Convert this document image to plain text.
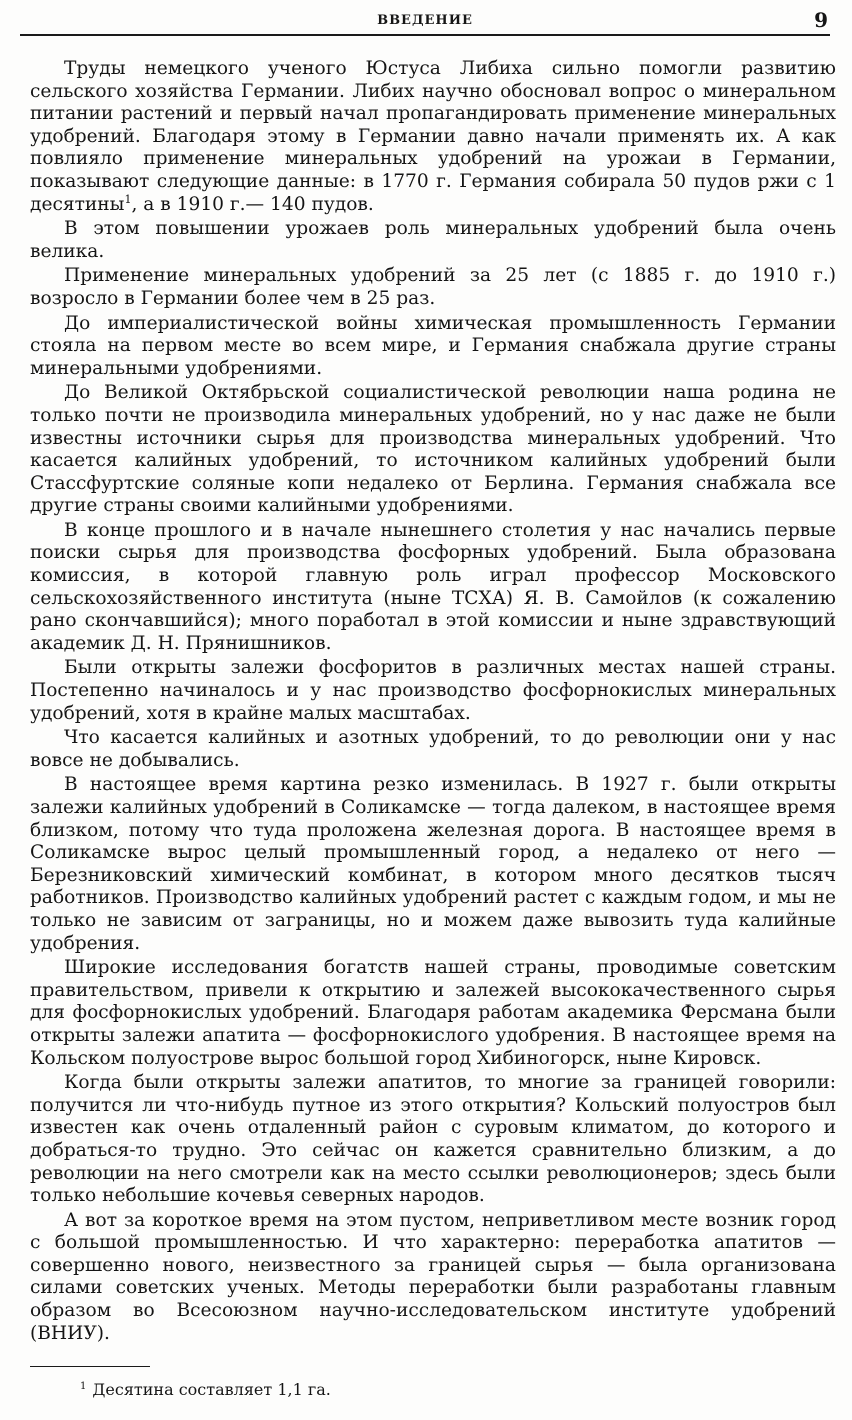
ВВЕДЕНИЕ	9

Труды немецкого ученого Юстуса Либиха сильно помогли развитию сельского хозяйства Германии. Либих научно обосновал вопрос о минеральном питании растений и первый начал пропагандировать применение минеральных удобрений. Благодаря этому в Германии давно начали применять их. А как повлияло применение минеральных удобрений на урожаи в Германии, показывают следующие данные: в 1770 г. Германия собирала 50 пудов ржи с 1 десятины$^1$, а в 1910 г.— 140 пудов.

В этом повышении урожаев роль минеральных удобрений была очень велика.

Применение минеральных удобрений за 25 лет (с 1885 г. до 1910 г.) возросло в Германии более чем в 25 раз.

До империалистической войны химическая промышленность Германии стояла на первом месте во всем мире, и Германия снабжала другие страны минеральными удобрениями.

До Великой Октябрьской социалистической революции наша родина не только почти не производила минеральных удобрений, но у нас даже не были известны источники сырья для производства минеральных удобрений. Что касается калийных удобрений, то источником калийных удобрений были Стассфуртские соляные копи недалеко от Берлина. Германия снабжала все другие страны своими калийными удобрениями.

В конце прошлого и в начале нынешнего столетия у нас начались первые поиски сырья для производства фосфорных удобрений. Была образована комиссия, в которой главную роль играл профессор Московского сельскохозяйственного института (ныне ТСХА) Я. В. Самойлов (к сожалению рано скончавшийся); много поработал в этой комиссии и ныне здравствующий академик Д. Н. Прянишников.

Были открыты залежи фосфоритов в различных местах нашей страны. Постепенно начиналось и у нас производство фосфорнокислых минеральных удобрений, хотя в крайне малых масштабах.

Что касается калийных и азотных удобрений, то до революции они у нас вовсе не добывались.

В настоящее время картина резко изменилась. В 1927 г. были открыты залежи калийных удобрений в Соликамске — тогда далеком, в настоящее время близком, потому что туда проложена железная дорога. В настоящее время в Соликамске вырос целый промышленный город, а недалеко от него — Березниковский химический комбинат, в котором много десятков тысяч работников. Производство калийных удобрений растет с каждым годом, и мы не только не зависим от заграницы, но и можем даже вывозить туда калийные удобрения.

Широкие исследования богатств нашей страны, проводимые советским правительством, привели к открытию и залежей высококачественного сырья для фосфорнокислых удобрений. Благодаря работам академика Ферсмана были открыты залежи апатита — фосфорнокислого удобрения. В настоящее время на Кольском полуострове вырос большой город Хибиногорск, ныне Кировск.

Когда были открыты залежи апатитов, то многие за границей говорили: получится ли что-нибудь путное из этого открытия? Кольский полуостров был известен как очень отдаленный район с суровым климатом, до которого и добраться-то трудно. Это сейчас он кажется сравнительно близким, а до революции на него смотрели как на место ссылки революционеров; здесь были только небольшие кочевья северных народов.

А вот за короткое время на этом пустом, неприветливом месте возник город с большой промышленностью. И что характерно: переработка апатитов — совершенно нового, неизвестного за границей сырья — была организована силами советских ученых. Методы переработки были разработаны главным образом во Всесоюзном научно-исследовательском институте удобрений (ВНИУ).

$^1$ Десятина составляет 1,1 га.
